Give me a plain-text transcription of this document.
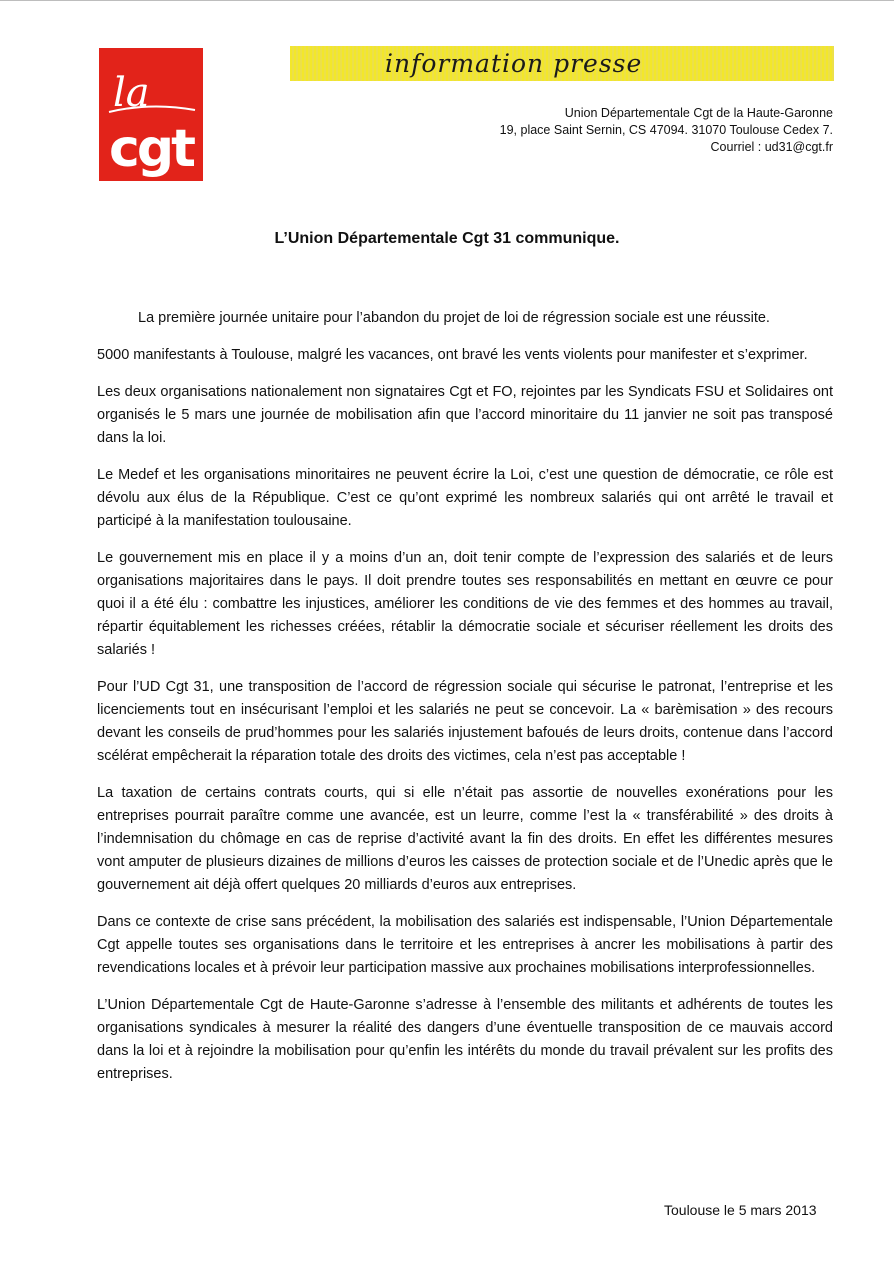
la
cgt
information presse
Union Départementale Cgt de la Haute-Garonne
19, place Saint Sernin, CS 47094. 31070 Toulouse Cedex 7.
Courriel : ud31@cgt.fr
L’Union Départementale Cgt 31 communique.

La première journée unitaire pour l’abandon du projet de loi de régression sociale est une réussite.

5000 manifestants à Toulouse, malgré les vacances, ont bravé les vents violents pour manifester et s’exprimer.

Les deux organisations nationalement non signataires Cgt et FO, rejointes par les Syndicats FSU et Solidaires ont organisés le 5 mars une journée de mobilisation afin que l’accord minoritaire du 11 janvier ne soit pas transposé dans la loi.

Le Medef et les organisations minoritaires ne peuvent écrire la Loi, c’est une question de démocratie, ce rôle est dévolu aux élus de la République. C’est ce qu’ont exprimé les nombreux salariés qui ont arrêté le travail et participé à la manifestation toulousaine.

Le gouvernement mis en place il y a moins d’un an, doit tenir compte de l’expression des salariés et de leurs organisations majoritaires dans le pays. Il doit prendre toutes ses responsabilités en mettant en œuvre ce pour quoi il a été élu : combattre les injustices, améliorer les conditions de vie des femmes et des hommes au travail, répartir équitablement les richesses créées, rétablir la démocratie sociale et sécuriser réellement les droits des salariés !

Pour l’UD Cgt 31, une transposition de l’accord de régression sociale qui sécurise le patronat, l’entreprise et les licenciements tout en insécurisant l’emploi et les salariés ne peut se concevoir. La « barèmisation » des recours devant les conseils de prud’hommes pour les salariés injustement bafoués de leurs droits, contenue dans l’accord scélérat empêcherait la réparation totale des droits des victimes, cela n’est pas acceptable !

La taxation de certains contrats courts, qui si elle n’était pas assortie de nouvelles exonérations pour les entreprises pourrait paraître comme une avancée, est un leurre, comme l’est la « transférabilité » des droits à l’indemnisation du chômage en cas de reprise d’activité avant la fin des droits. En effet les différentes mesures vont amputer de plusieurs dizaines de millions d’euros les caisses de protection sociale et de l’Unedic après que le gouvernement ait déjà offert quelques 20 milliards d’euros aux entreprises.

Dans ce contexte de crise sans précédent, la mobilisation des salariés est indispensable, l’Union Départementale Cgt appelle toutes ses organisations dans le territoire et les entreprises à ancrer les mobilisations à partir des revendications locales et à prévoir leur participation massive aux prochaines mobilisations interprofessionnelles.

L’Union Départementale Cgt de Haute-Garonne s’adresse à l’ensemble des militants et adhérents de toutes les organisations syndicales à mesurer la réalité des dangers d’une éventuelle transposition de ce mauvais accord dans la loi et à rejoindre la mobilisation pour qu’enfin les intérêts du monde du travail prévalent sur les profits des entreprises.

Toulouse le 5 mars 2013
